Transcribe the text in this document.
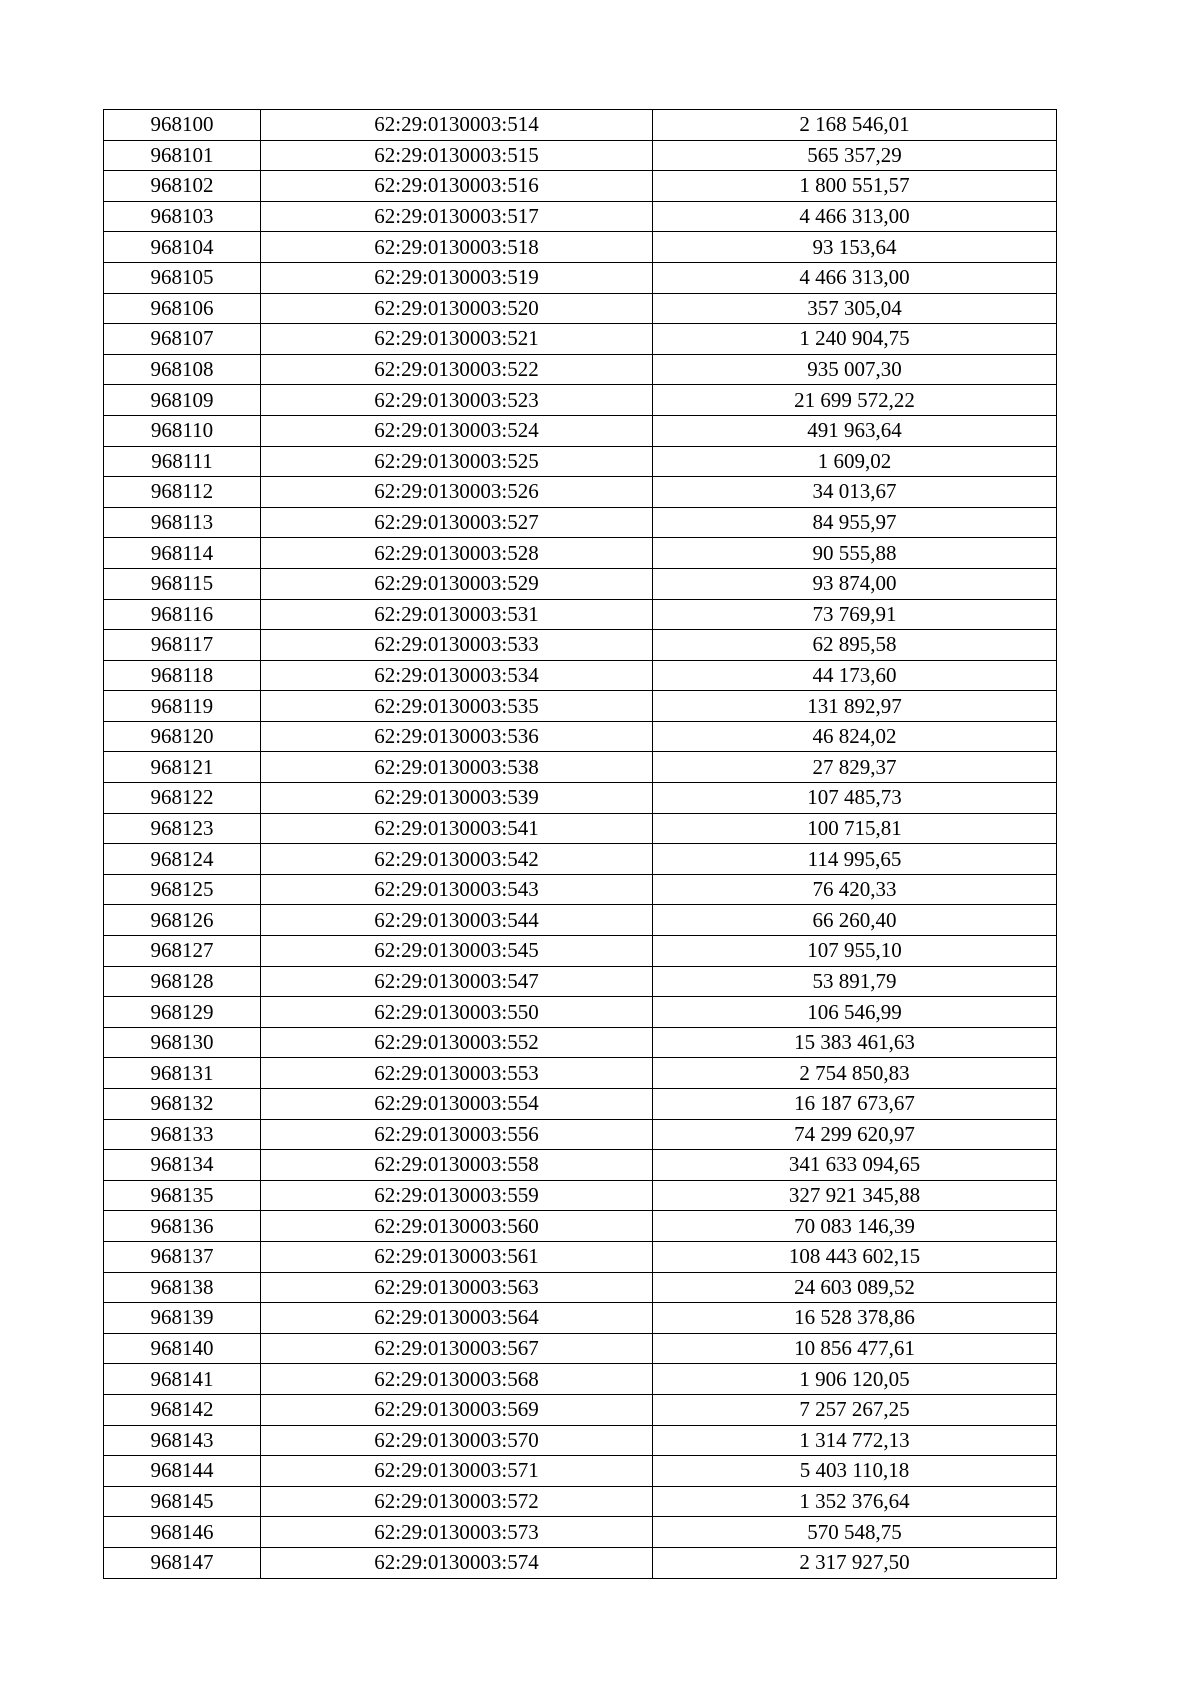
968100	62:29:0130003:514	2 168 546,01
968101	62:29:0130003:515	565 357,29
968102	62:29:0130003:516	1 800 551,57
968103	62:29:0130003:517	4 466 313,00
968104	62:29:0130003:518	93 153,64
968105	62:29:0130003:519	4 466 313,00
968106	62:29:0130003:520	357 305,04
968107	62:29:0130003:521	1 240 904,75
968108	62:29:0130003:522	935 007,30
968109	62:29:0130003:523	21 699 572,22
968110	62:29:0130003:524	491 963,64
968111	62:29:0130003:525	1 609,02
968112	62:29:0130003:526	34 013,67
968113	62:29:0130003:527	84 955,97
968114	62:29:0130003:528	90 555,88
968115	62:29:0130003:529	93 874,00
968116	62:29:0130003:531	73 769,91
968117	62:29:0130003:533	62 895,58
968118	62:29:0130003:534	44 173,60
968119	62:29:0130003:535	131 892,97
968120	62:29:0130003:536	46 824,02
968121	62:29:0130003:538	27 829,37
968122	62:29:0130003:539	107 485,73
968123	62:29:0130003:541	100 715,81
968124	62:29:0130003:542	114 995,65
968125	62:29:0130003:543	76 420,33
968126	62:29:0130003:544	66 260,40
968127	62:29:0130003:545	107 955,10
968128	62:29:0130003:547	53 891,79
968129	62:29:0130003:550	106 546,99
968130	62:29:0130003:552	15 383 461,63
968131	62:29:0130003:553	2 754 850,83
968132	62:29:0130003:554	16 187 673,67
968133	62:29:0130003:556	74 299 620,97
968134	62:29:0130003:558	341 633 094,65
968135	62:29:0130003:559	327 921 345,88
968136	62:29:0130003:560	70 083 146,39
968137	62:29:0130003:561	108 443 602,15
968138	62:29:0130003:563	24 603 089,52
968139	62:29:0130003:564	16 528 378,86
968140	62:29:0130003:567	10 856 477,61
968141	62:29:0130003:568	1 906 120,05
968142	62:29:0130003:569	7 257 267,25
968143	62:29:0130003:570	1 314 772,13
968144	62:29:0130003:571	5 403 110,18
968145	62:29:0130003:572	1 352 376,64
968146	62:29:0130003:573	570 548,75
968147	62:29:0130003:574	2 317 927,50
